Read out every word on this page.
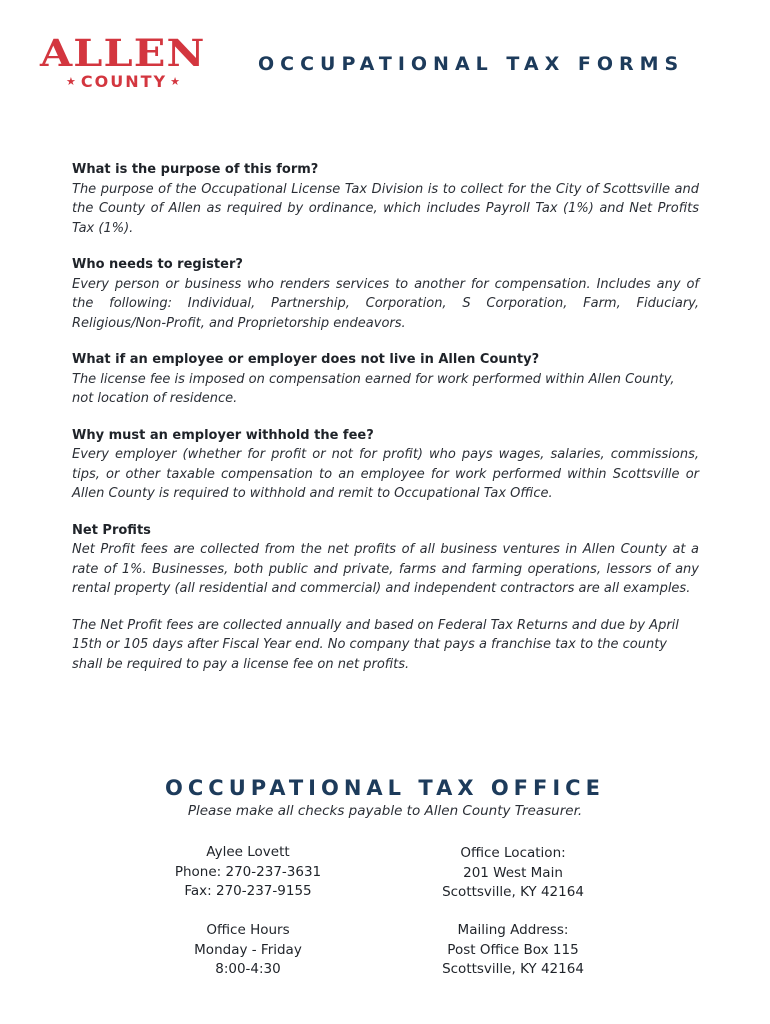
ALLEN
★ COUNTY ★
OCCUPATIONAL TAX FORMS
What is the purpose of this form?

The purpose of the Occupational License Tax Division is to collect for the City of Scottsville and the County of Allen as required by ordinance, which includes Payroll Tax (1%) and Net Profits Tax (1%).

Who needs to register?

Every person or business who renders services to another for compensation. Includes any of the following: Individual, Partnership, Corporation, S Corporation, Farm, Fiduciary, Religious/Non-Profit, and Proprietorship endeavors.

What if an employee or employer does not live in Allen County?

The license fee is imposed on compensation earned for work performed within Allen County, not location of residence.

Why must an employer withhold the fee?

Every employer (whether for profit or not for profit) who pays wages, salaries, commissions, tips, or other taxable compensation to an employee for work performed within Scottsville or Allen County is required to withhold and remit to Occupational Tax Office.

Net Profits

Net Profit fees are collected from the net profits of all business ventures in Allen County at a rate of 1%. Businesses, both public and private, farms and farming operations, lessors of any rental property (all residential and commercial) and independent contractors are all examples.

The Net Profit fees are collected annually and based on Federal Tax Returns and due by April 15th or 105 days after Fiscal Year end. No company that pays a franchise tax to the county shall be required to pay a license fee on net profits.

OCCUPATIONAL TAX OFFICE
Please make all checks payable to Allen County Treasurer.
Aylee Lovett
Phone: 270-237-3631
Fax: 270-237-9155
Office Location:
201 West Main
Scottsville, KY 42164
Office Hours
Monday - Friday
8:00-4:30
Mailing Address:
Post Office Box 115
Scottsville, KY 42164
